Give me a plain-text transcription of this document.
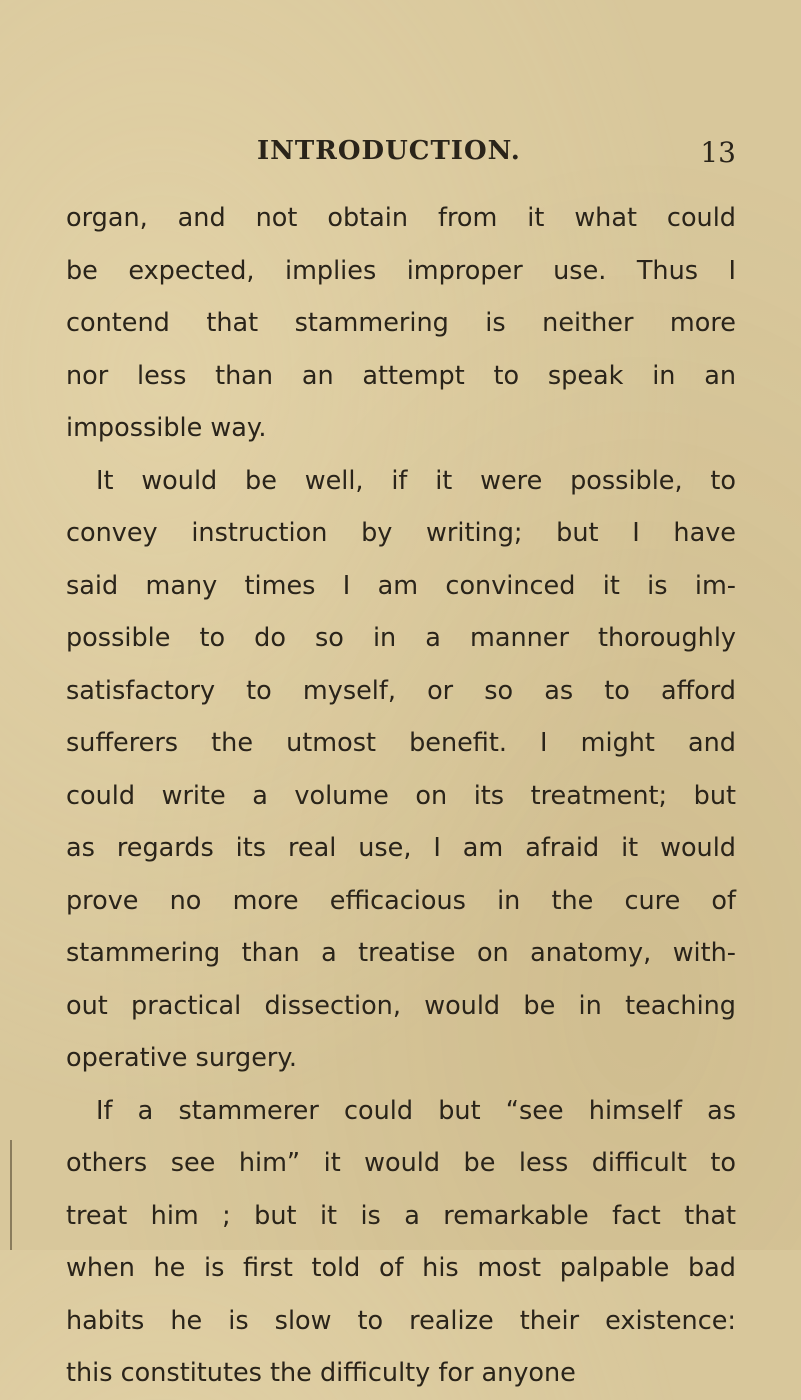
INTRODUCTION.	13
organ, and not obtain from it what could
be expected, implies improper use. Thus I
contend that stammering is neither more
nor less than an attempt to speak in an
impossible way.
It would be well, if it were possible, to
convey instruction by writing; but I have
said many times I am convinced it is im-
possible to do so in a manner thoroughly
satisfactory to myself, or so as to afford
sufferers the utmost benefit. I might and
could write a volume on its treatment; but
as regards its real use, I am afraid it would
prove no more efficacious in the cure of
stammering than a treatise on anatomy, with-
out practical dissection, would be in teaching
operative surgery.
If a stammerer could but “see himself as
others see him” it would be less difficult to
treat him ; but it is a remarkable fact that
when he is first told of his most palpable bad
habits he is slow to realize their existence:
this constitutes the difficulty for anyone
